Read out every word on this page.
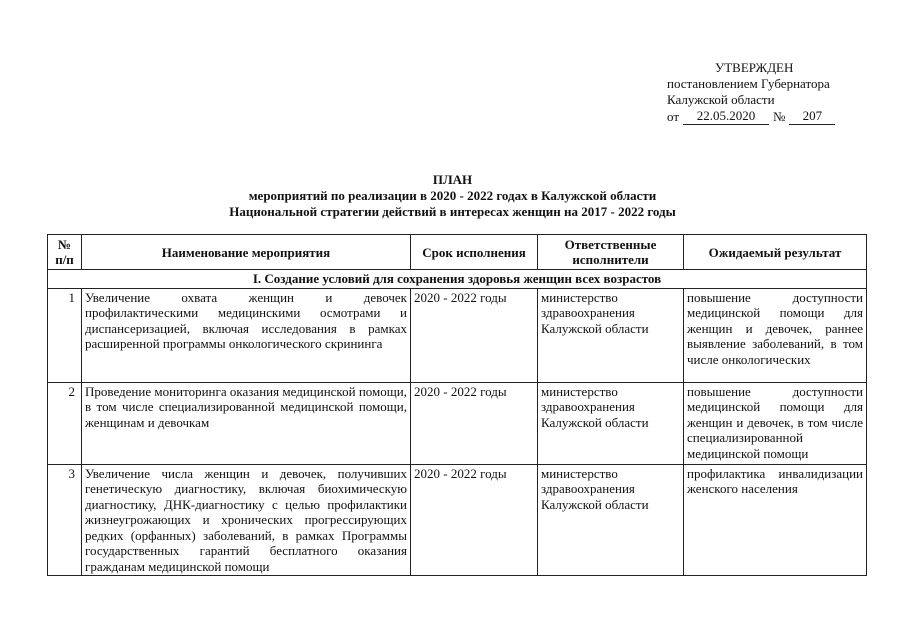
УТВЕРЖДЕН
постановлением Губернатора
Калужской области
от	22.05.2020	№	207
ПЛАН
мероприятий по реализации в 2020 - 2022 годах в Калужской области
Национальной стратегии действий в интересах женщин на 2017 - 2022 годы
№ п/п	Наименование мероприятия	Срок исполнения	Ответственные исполнители	Ожидаемый результат
I. Создание условий для сохранения здоровья женщин всех возрастов				
1	Увеличение охвата женщин и девочек профилактическими медицинскими осмотрами и диспансеризацией, включая исследования в рамках расширенной программы онкологического скрининга	2020 - 2022 годы	министерство здравоохранения Калужской области	повышение доступности медицинской помощи для женщин и девочек, раннее выявление заболеваний, в том числе онкологических
2	Проведение мониторинга оказания медицинской помощи, в том числе специализированной медицинской помощи, женщинам и девочкам	2020 - 2022 годы	министерство здравоохранения Калужской области	повышение доступности медицинской помощи для женщин и девочек, в том числе специализированной медицинской помощи
3	Увеличение числа женщин и девочек, получивших генетическую диагностику, включая биохимическую диагностику, ДНК-диагностику с целью профилактики жизнеугрожающих и хронических прогрессирующих редких (орфанных) заболеваний, в рамках Программы государственных гарантий бесплатного оказания гражданам медицинской помощи	2020 - 2022 годы	министерство здравоохранения Калужской области	профилактика инвалидизации женского населения
